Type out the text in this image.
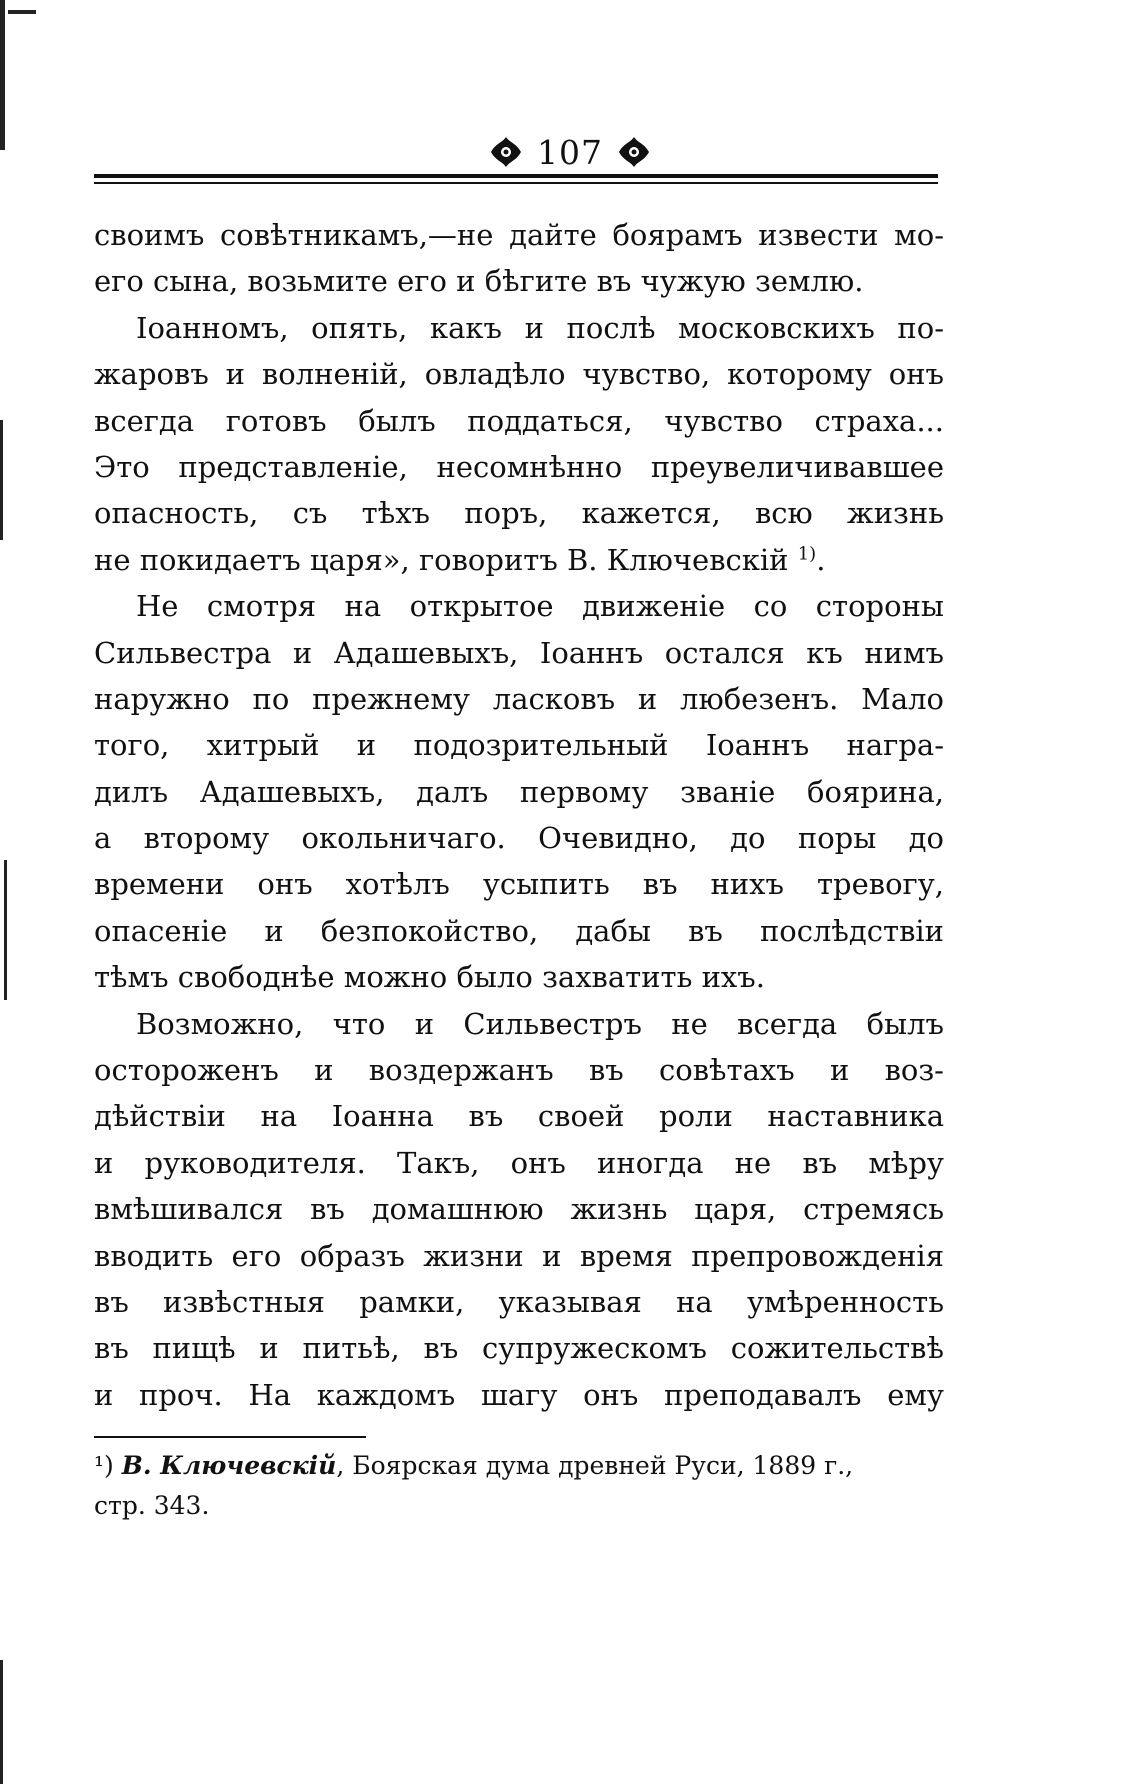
107
своимъ совѣтникамъ,—не дайте боярамъ извести мо-
его сына, возьмите его и бѣгите въ чужую землю.
Іоанномъ, опять, какъ и послѣ московскихъ по-
жаровъ и волненій, овладѣло чувство, которому онъ
всегда готовъ былъ поддаться, чувство страха...
Это представленіе, несомнѣнно преувеличивавшее
опасность, съ тѣхъ поръ, кажется, всю жизнь
не покидаетъ царя», говоритъ В. Ключевскій $^{1)}$.
Не смотря на открытое движеніе со стороны
Сильвестра и Адашевыхъ, Іоаннъ остался къ нимъ
наружно по прежнему ласковъ и любезенъ. Мало
того, хитрый и подозрительный Іоаннъ награ-
дилъ Адашевыхъ, далъ первому званіе боярина,
а второму окольничаго. Очевидно, до поры до
времени онъ хотѣлъ усыпить въ нихъ тревогу,
опасеніе и безпокойство, дабы въ послѣдствіи
тѣмъ свободнѣе можно было захватить ихъ.
Возможно, что и Сильвестръ не всегда былъ
осторожeнъ и воздержанъ въ совѣтахъ и воз-
дѣйствіи на Іоанна въ своей роли наставника
и руководителя. Такъ, онъ иногда не въ мѣру
вмѣшивался въ домашнюю жизнь царя, стремясь
вводить его образъ жизни и время препровожденія
въ извѣстныя рамки, указывая на умѣренность
въ пищѣ и питьѣ, въ супружескомъ сожительствѣ
и проч. На каждомъ шагу онъ преподавалъ ему
¹) В. Ключевскій, Боярская дума древней Руси, 1889 г.,
стр. 343.
